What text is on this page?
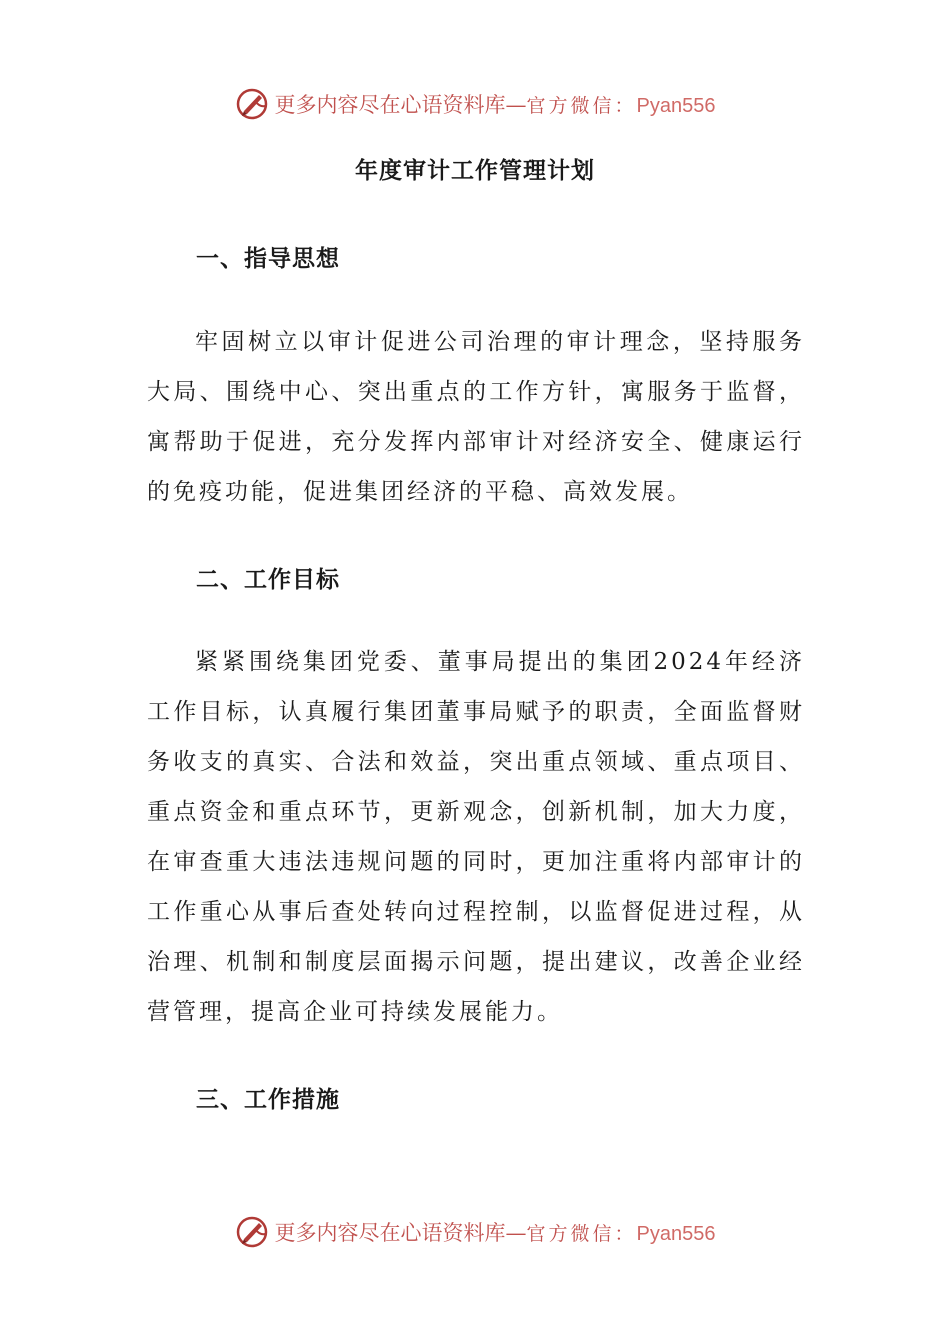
更多内容尽在心语资料库—官方微信：Pyan556
年度审计工作管理计划
一、指导思想

牢固树立以审计促进公司治理的审计理念，坚持服务大局、围绕中心、突出重点的工作方针，寓服务于监督，寓帮助于促进，充分发挥内部审计对经济安全、健康运行的免疫功能，促进集团经济的平稳、高效发展。

二、工作目标

紧紧围绕集团党委、董事局提出的集团2024年经济工作目标，认真履行集团董事局赋予的职责，全面监督财务收支的真实、合法和效益，突出重点领域、重点项目、重点资金和重点环节，更新观念，创新机制，加大力度，在审查重大违法违规问题的同时，更加注重将内部审计的工作重心从事后查处转向过程控制，以监督促进过程，从治理、机制和制度层面揭示问题，提出建议，改善企业经营管理，提高企业可持续发展能力。

三、工作措施
更多内容尽在心语资料库—官方微信：Pyan556
